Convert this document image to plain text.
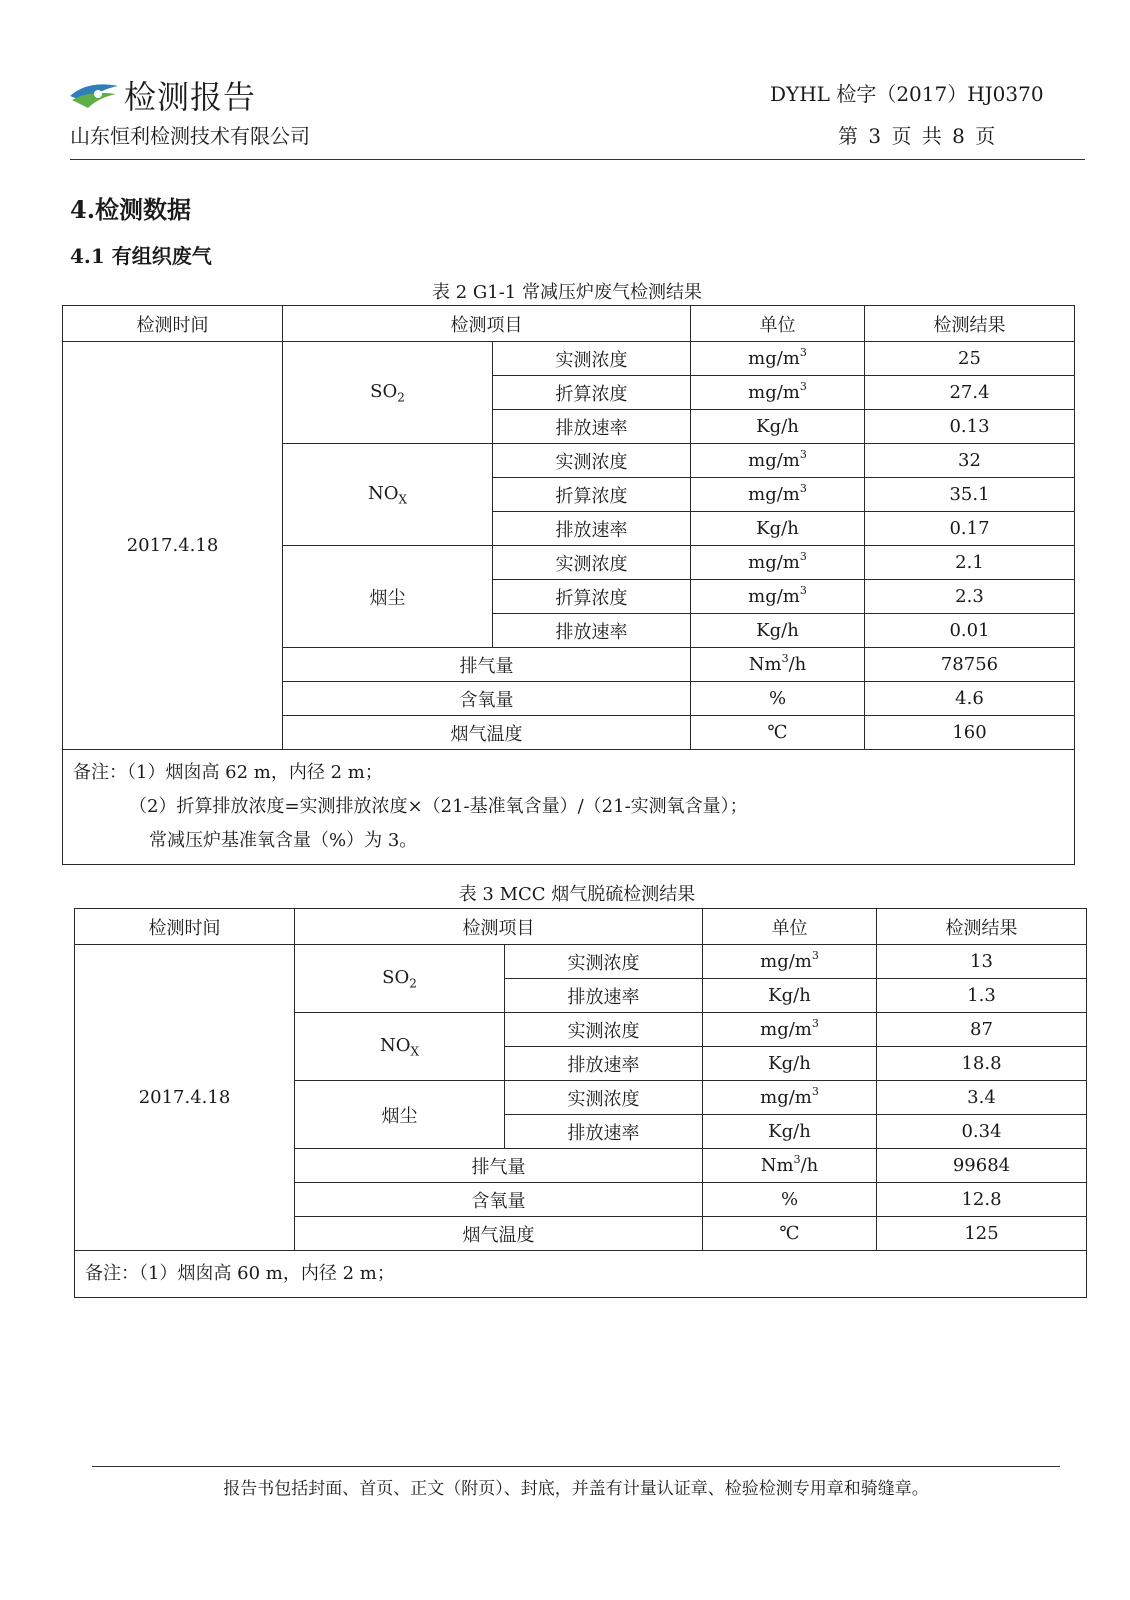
检测报告
山东恒利检测技术有限公司
DYHL 检字（2017）HJ0370
第 3 页 共 8 页
4.检测数据
4.1 有组织废气
表 2 G1-1 常减压炉废气检测结果
检测时间	检测项目		单位	检测结果
2017.4.18	$SO_2$	实测浓度	$mg/m^3$	25
		折算浓度	$mg/m^3$	27.4
		排放速率	Kg/h	0.13
	$NO_X$	实测浓度	$mg/m^3$	32
		折算浓度	$mg/m^3$	35.1
		排放速率	Kg/h	0.17
	烟尘	实测浓度	$mg/m^3$	2.1
		折算浓度	$mg/m^3$	2.3
		排放速率	Kg/h	0.01
	排气量		Nm$^3$/h	78756
	含氧量		%	4.6
	烟气温度		℃	160

备注：（1）烟囱高 62 m，内径 2 m；
（2）折算排放浓度=实测排放浓度×（21-基准氧含量）/（21-实测氧含量）；
常减压炉基准氧含量（%）为 3。				
表 3 MCC 烟气脱硫检测结果
检测时间	检测项目		单位	检测结果
2017.4.18	$SO_2$	实测浓度	$mg/m^3$	13
		排放速率	Kg/h	1.3
	$NO_X$	实测浓度	$mg/m^3$	87
		排放速率	Kg/h	18.8
	烟尘	实测浓度	$mg/m^3$	3.4
		排放速率	Kg/h	0.34
	排气量		Nm$^3$/h	99684
	含氧量		%	12.8
	烟气温度		℃	125
备注：（1）烟囱高 60 m，内径 2 m；				
报告书包括封面、首页、正文（附页）、封底，并盖有计量认证章、检验检测专用章和骑缝章。
